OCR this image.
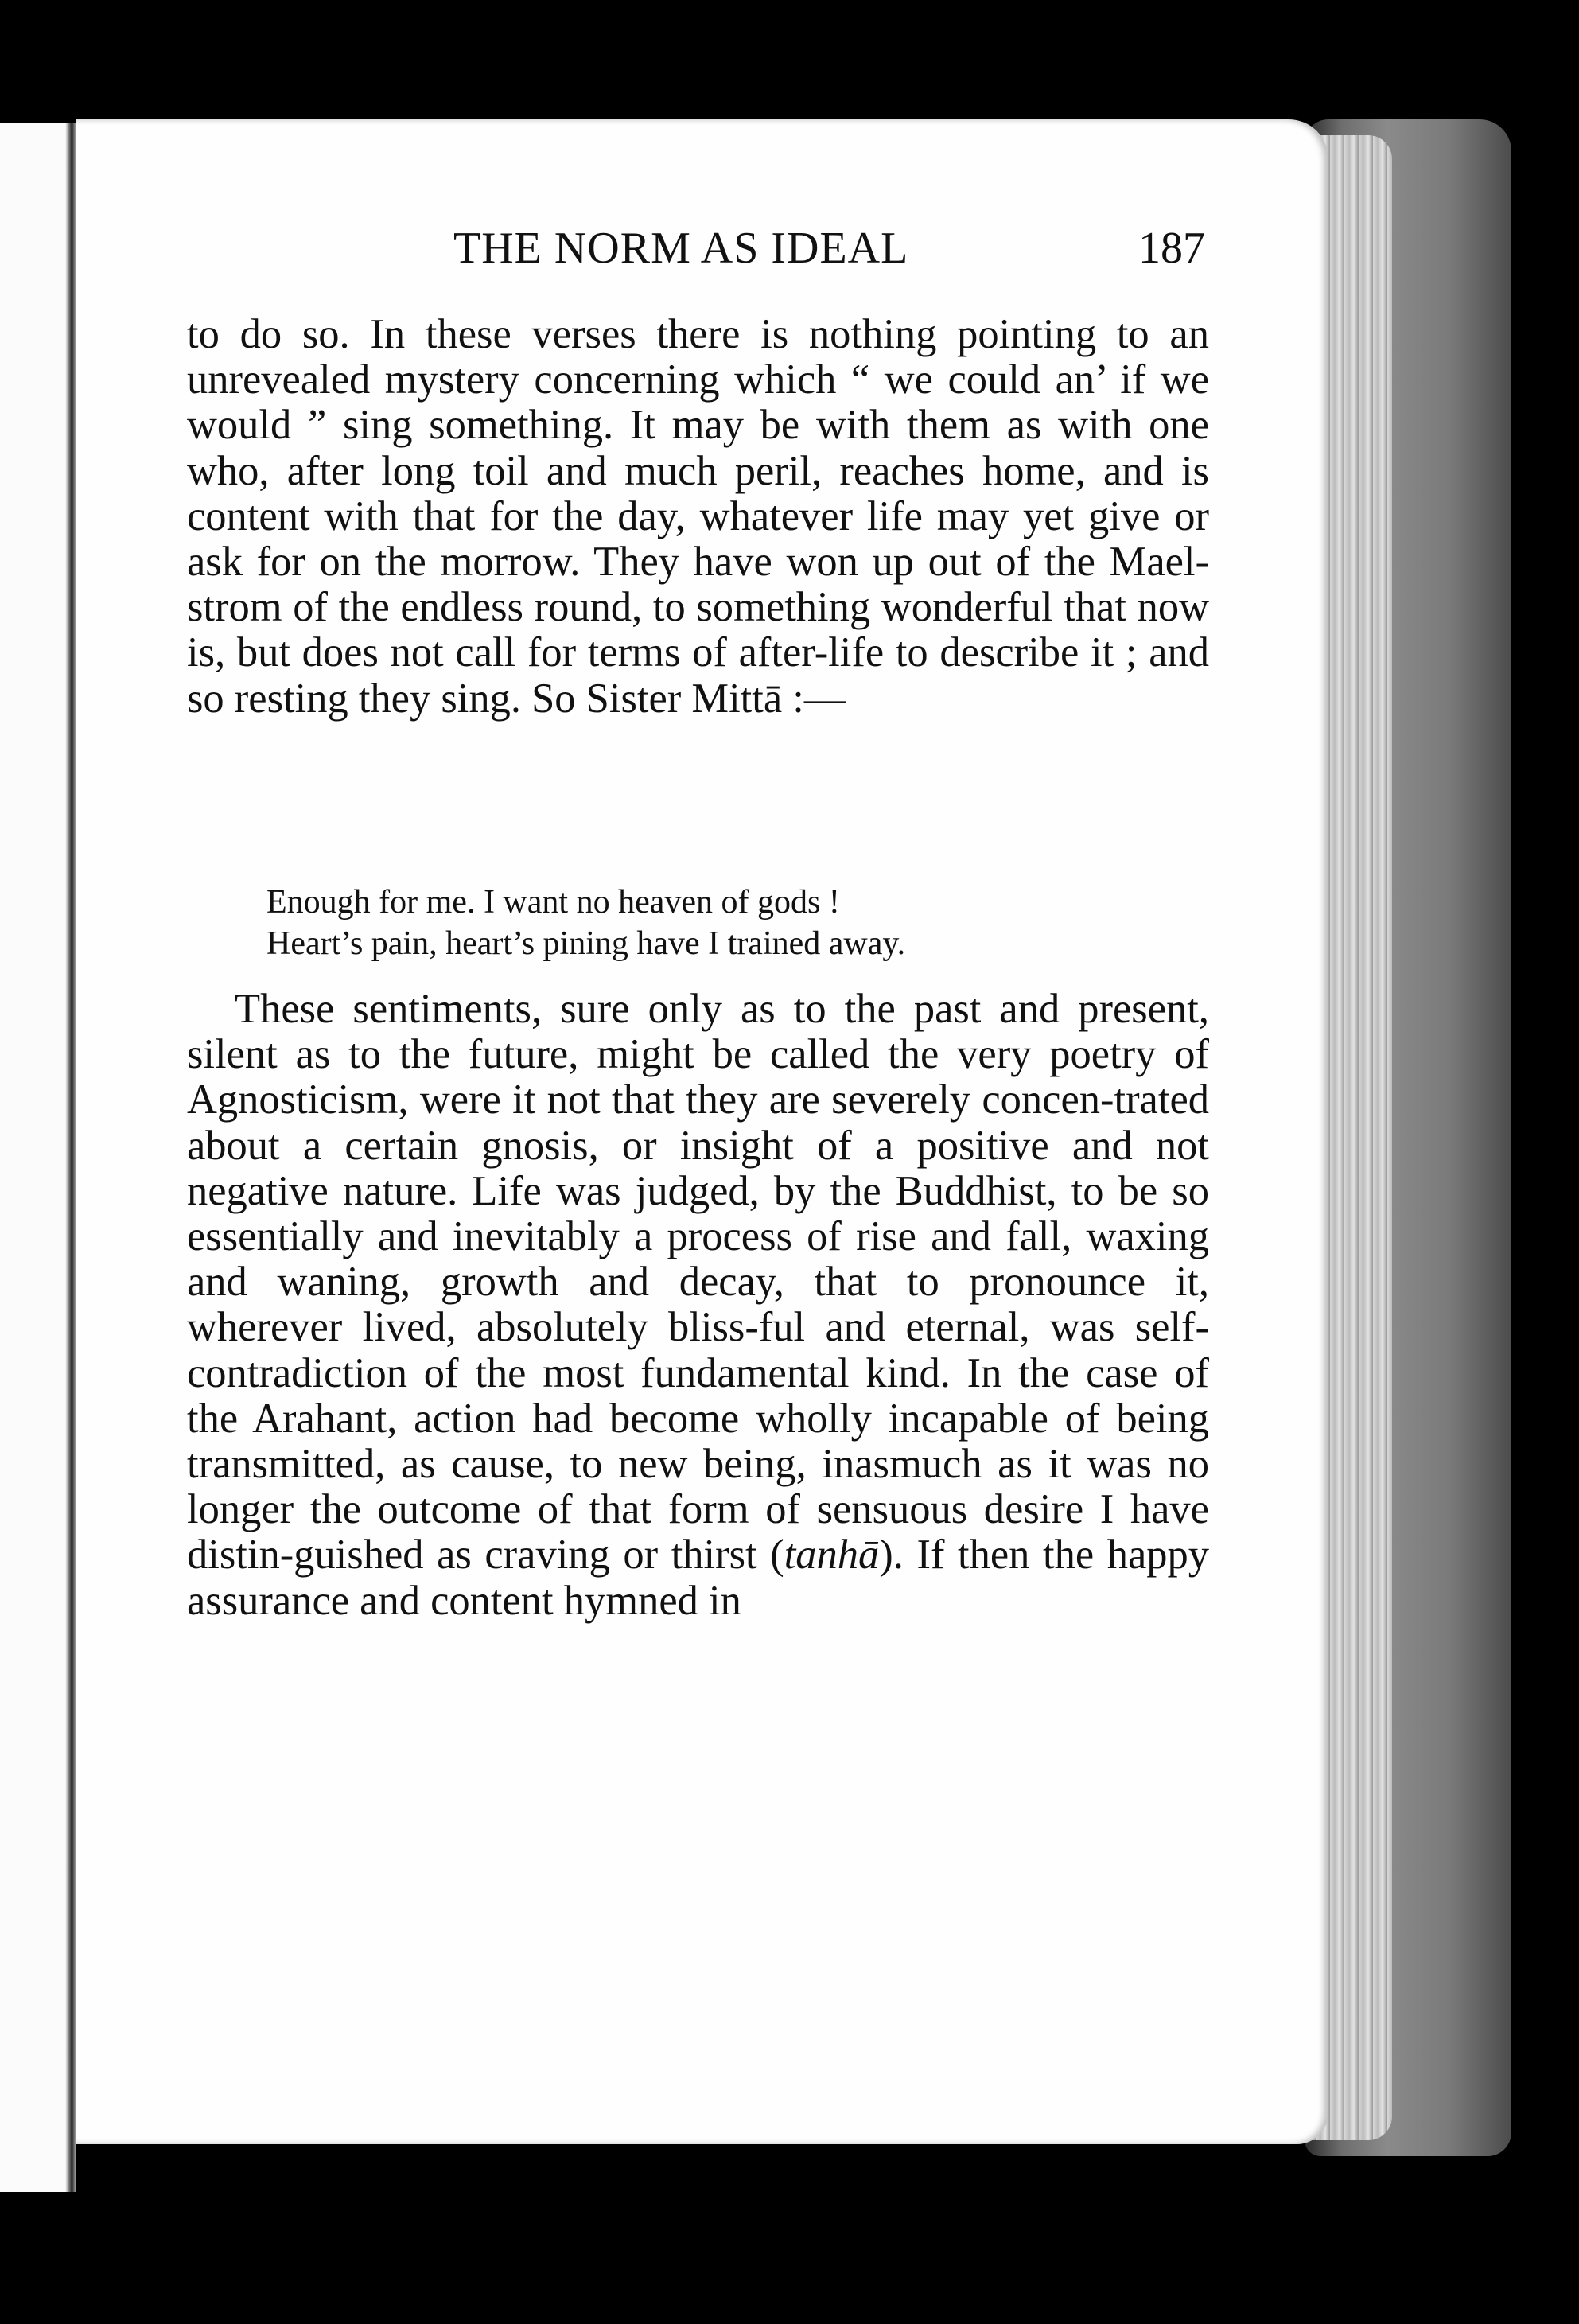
THE NORM AS IDEAL	187
to do so. In these verses there is nothing pointing to an unrevealed mystery concerning which “ we could an’ if we would ” sing something. It may be with them as with one who, after long toil and much peril, reaches home, and is content with that for the day, whatever life may yet give or ask for on the morrow. They have won up out of the Mael-strom of the endless round, to something wonderful that now is, but does not call for terms of after-life to describe it ; and so resting they sing. So Sister Mittā :—
Enough for me. I want no heaven of gods !
Heart’s pain, heart’s pining have I trained away.
These sentiments, sure only as to the past and present, silent as to the future, might be called the very poetry of Agnosticism, were it not that they are severely concen-trated about a certain gnosis, or insight of a positive and not negative nature. Life was judged, by the Buddhist, to be so essentially and inevitably a process of rise and fall, waxing and waning, growth and decay, that to pronounce it, wherever lived, absolutely bliss-ful and eternal, was self-contradiction of the most fundamental kind. In the case of the Arahant, action had become wholly incapable of being transmitted, as cause, to new being, inasmuch as it was no longer the outcome of that form of sensuous desire I have distin-guished as craving or thirst (tanhā). If then the happy assurance and content hymned in
